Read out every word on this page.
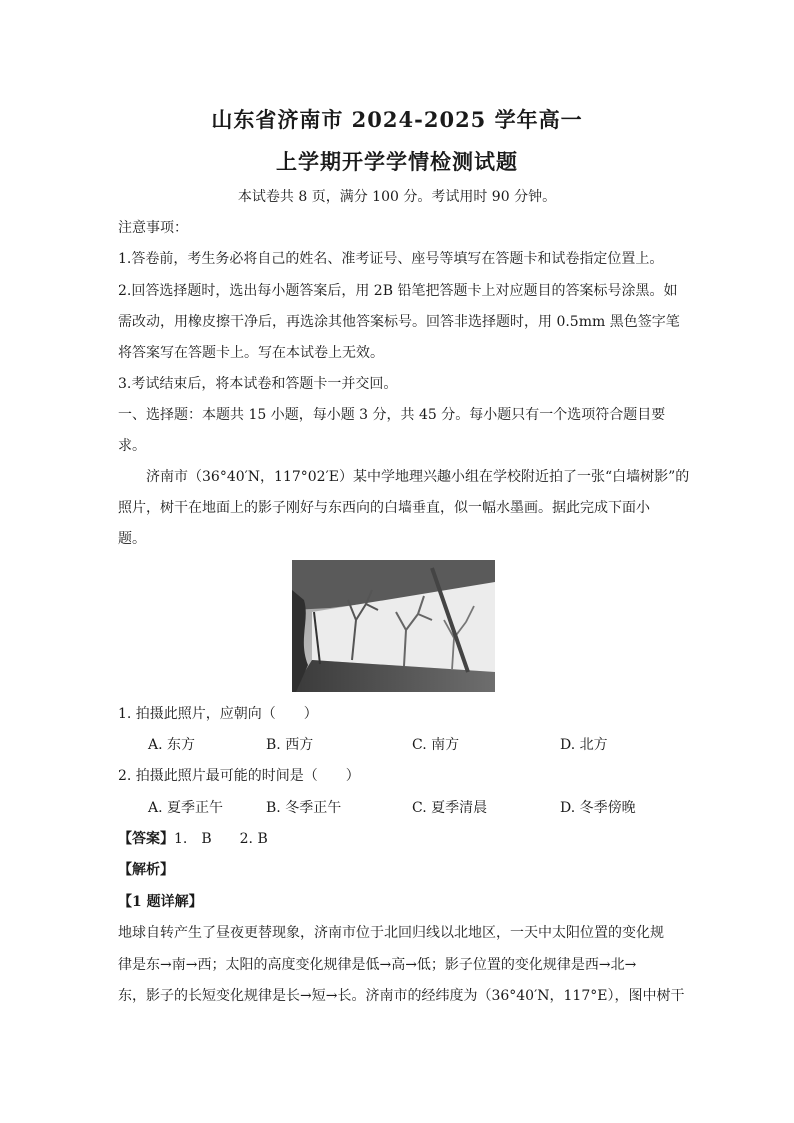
山东省济南市 2024-2025 学年高一
上学期开学学情检测试题
本试卷共 8 页，满分 100 分。考试用时 90 分钟。
注意事项：
1.答卷前，考生务必将自己的姓名、准考证号、座号等填写在答题卡和试卷指定位置上。
2.回答选择题时，选出每小题答案后，用 2B 铅笔把答题卡上对应题目的答案标号涂黑。如
需改动，用橡皮擦干净后，再选涂其他答案标号。回答非选择题时，用 0.5mm 黑色签字笔
将答案写在答题卡上。写在本试卷上无效。
3.考试结束后，将本试卷和答题卡一并交回。
一、选择题：本题共 15 小题，每小题 3 分，共 45 分。每小题只有一个选项符合题目要
求。
济南市（36°40′N，117°02′E）某中学地理兴趣小组在学校附近拍了一张“白墙树影”的
照片，树干在地面上的影子刚好与东西向的白墙垂直，似一幅水墨画。据此完成下面小
题。
1. 拍摄此照片，应朝向（　　）
A. 东方	B. 西方	C. 南方	D. 北方
2. 拍摄此照片最可能的时间是（　　）
A. 夏季正午	B. 冬季正午	C. 夏季清晨	D. 冬季傍晚
【答案】1.　B　　2. B
【解析】
【1 题详解】
地球自转产生了昼夜更替现象，济南市位于北回归线以北地区，一天中太阳位置的变化规
律是东→南→西；太阳的高度变化规律是低→高→低；影子位置的变化规律是西→北→
东，影子的长短变化规律是长→短→长。济南市的经纬度为（36°40′N，117°E），图中树干
